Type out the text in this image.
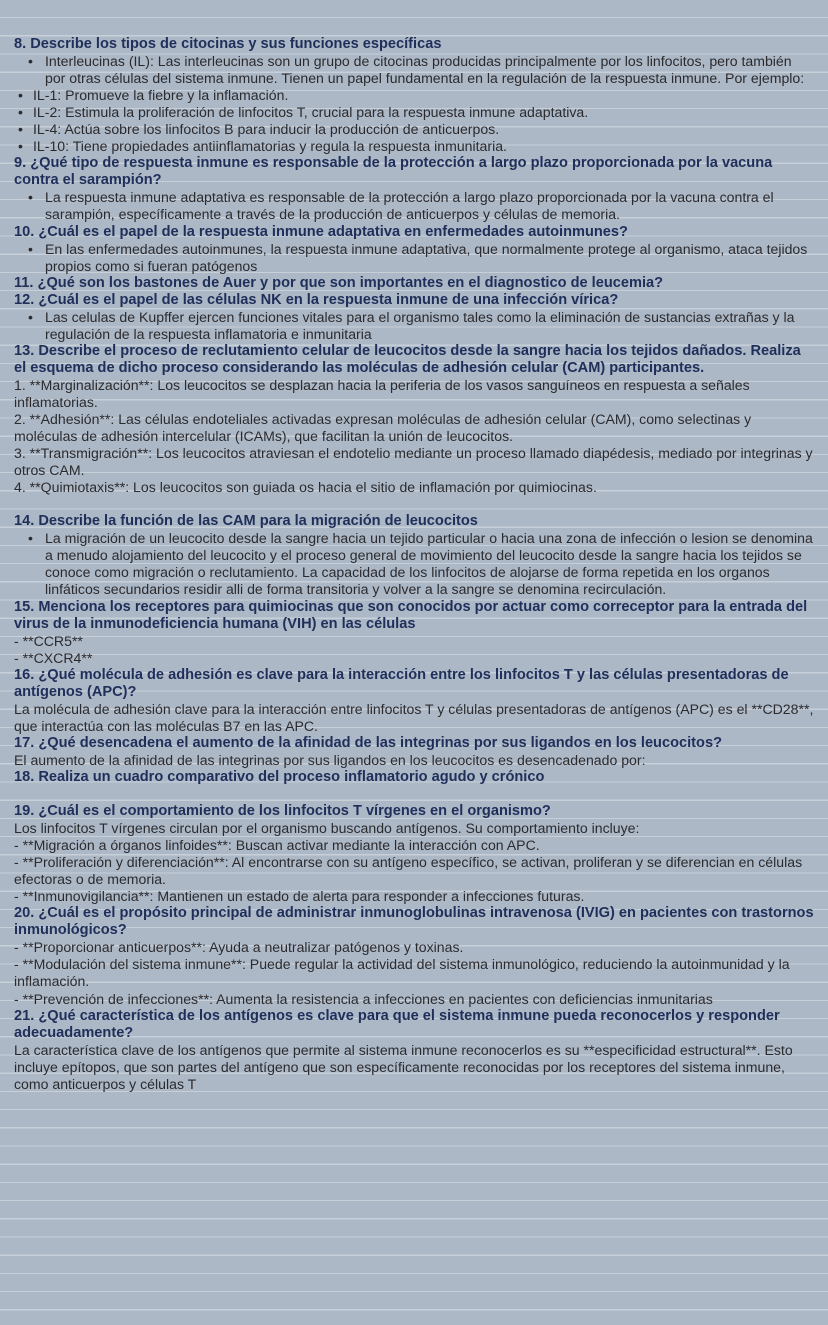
8. Describe los tipos de citocinas y sus funciones específicas
• Interleucinas (IL): Las interleucinas son un grupo de citocinas producidas principalmente por los linfocitos, pero también por otras células del sistema inmune. Tienen un papel fundamental en la regulación de la respuesta inmune. Por ejemplo:
• IL-1: Promueve la fiebre y la inflamación.
• IL-2: Estimula la proliferación de linfocitos T, crucial para la respuesta inmune adaptativa.
• IL-4: Actúa sobre los linfocitos B para inducir la producción de anticuerpos.
• IL-10: Tiene propiedades antiinflamatorias y regula la respuesta inmunitaria.
9. ¿Qué tipo de respuesta inmune es responsable de la protección a largo plazo proporcionada por la vacuna contra el sarampión?
• La respuesta inmune adaptativa es responsable de la protección a largo plazo proporcionada por la vacuna contra el sarampión, específicamente a través de la producción de anticuerpos y células de memoria.
10. ¿Cuál es el papel de la respuesta inmune adaptativa en enfermedades autoinmunes?
• En las enfermedades autoinmunes, la respuesta inmune adaptativa, que normalmente protege al organismo, ataca tejidos propios como si fueran patógenos
11. ¿Qué son los bastones de Auer y por que son importantes en el diagnostico de leucemia?
12. ¿Cuál es el papel de las células NK en la respuesta inmune de una infección vírica?
• Las celulas de Kupffer ejercen funciones vitales para el organismo tales como la eliminación de sustancias extrañas y la regulación de la respuesta inflamatoria e inmunitaria
13. Describe el proceso de reclutamiento celular de leucocitos desde la sangre hacia los tejidos dañados. Realiza el esquema de dicho proceso considerando las moléculas de adhesión celular (CAM) participantes.
1. **Marginalización**: Los leucocitos se desplazan hacia la periferia de los vasos sanguíneos en respuesta a señales inflamatorias.
2. **Adhesión**: Las células endoteliales activadas expresan moléculas de adhesión celular (CAM), como selectinas y moléculas de adhesión intercelular (ICAMs), que facilitan la unión de leucocitos.
3. **Transmigración**: Los leucocitos atraviesan el endotelio mediante un proceso llamado diapédesis, mediado por integrinas y otros CAM.
4. **Quimiotaxis**: Los leucocitos son guiada os hacia el sitio de inflamación por quimiocinas.
14. Describe la función de las CAM para la migración de leucocitos
• La migración de un leucocito desde la sangre hacia un tejido particular o hacia una zona de infección o lesion se denomina a menudo alojamiento del leucocito y el proceso general de movimiento del leucocito desde la sangre hacia los tejidos se conoce como migración o reclutamiento. La capacidad de los linfocitos de alojarse de forma repetida en los organos linfáticos secundarios residir alli de forma transitoria y volver a la sangre se denomina recirculación.
15. Menciona los receptores para quimiocinas que son conocidos por actuar como correceptor para la entrada del virus de la inmunodeficiencia humana (VIH) en las células
- **CCR5**
- **CXCR4**
16. ¿Qué molécula de adhesión es clave para la interacción entre los linfocitos T y las células presentadoras de antígenos (APC)?
La molécula de adhesión clave para la interacción entre linfocitos T y células presentadoras de antígenos (APC) es el **CD28**, que interactúa con las moléculas B7 en las APC.
17. ¿Qué desencadena el aumento de la afinidad de las integrinas por sus ligandos en los leucocitos?
El aumento de la afinidad de las integrinas por sus ligandos en los leucocitos es desencadenado por:
18. Realiza un cuadro comparativo del proceso inflamatorio agudo y crónico
19. ¿Cuál es el comportamiento de los linfocitos T vírgenes en el organismo?
Los linfocitos T vírgenes circulan por el organismo buscando antígenos. Su comportamiento incluye:
- **Migración a órganos linfoides**: Buscan activar mediante la interacción con APC.
- **Proliferación y diferenciación**: Al encontrarse con su antígeno específico, se activan, proliferan y se diferencian en células efectoras o de memoria.
- **Inmunovigilancia**: Mantienen un estado de alerta para responder a infecciones futuras.
20. ¿Cuál es el propósito principal de administrar inmunoglobulinas intravenosa (IVIG) en pacientes con trastornos inmunológicos?
- **Proporcionar anticuerpos**: Ayuda a neutralizar patógenos y toxinas.
- **Modulación del sistema inmune**: Puede regular la actividad del sistema inmunológico, reduciendo la autoinmunidad y la inflamación.
- **Prevención de infecciones**: Aumenta la resistencia a infecciones en pacientes con deficiencias inmunitarias
21. ¿Qué característica de los antígenos es clave para que el sistema inmune pueda reconocerlos y responder adecuadamente?
La característica clave de los antígenos que permite al sistema inmune reconocerlos es su **especificidad estructural**. Esto incluye epítopos, que son partes del antígeno que son específicamente reconocidas por los receptores del sistema inmune, como anticuerpos y células T
